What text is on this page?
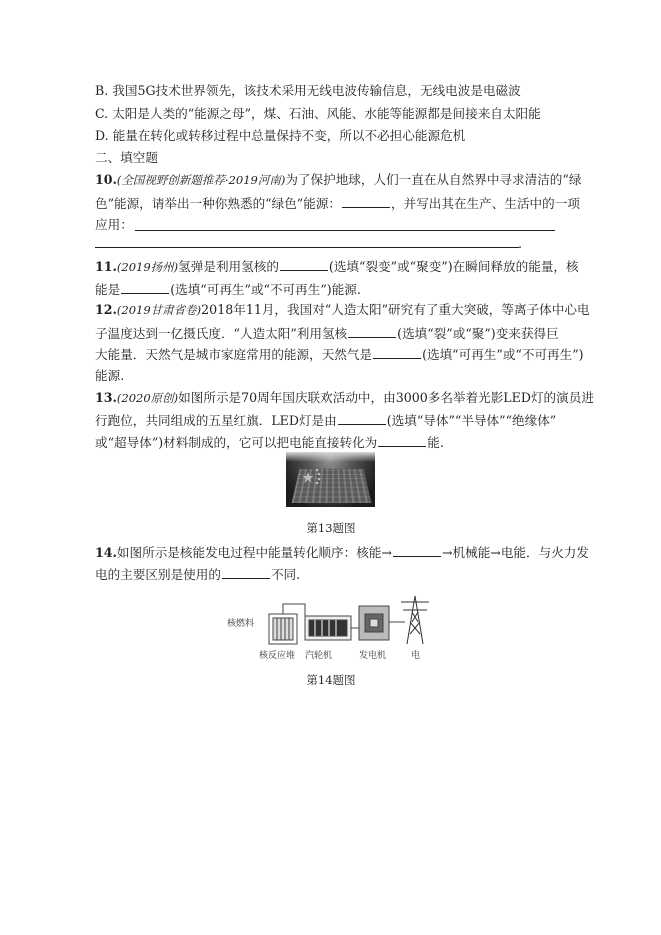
B. 我国5G技术世界领先，该技术采用无线电波传输信息，无线电波是电磁波
C. 太阳是人类的“能源之母”，煤、石油、风能、水能等能源都是间接来自太阳能
D. 能量在转化或转移过程中总量保持不变，所以不必担心能源危机
二、填空题
10.(全国视野创新题推荐·2019河南)为了保护地球，人们一直在从自然界中寻求清洁的“绿
色”能源，请举出一种你熟悉的“绿色”能源：	，并写出其在生产、生活中的一项
应用：
.
11.(2019扬州)氢弹是利用氢核的	(选填“裂变”或“聚变”)在瞬间释放的能量，核
能是	(选填“可再生”或“不可再生”)能源.
12.(2019甘肃省卷)2018年11月，我国对“人造太阳”研究有了重大突破，等离子体中心电
子温度达到一亿摄氏度．“人造太阳”利用氢核	(选填“裂”或“聚”)变来获得巨
大能量．天然气是城市家庭常用的能源，天然气是	(选填“可再生”或“不可再生”)
能源.
13.(2020原创)如图所示是70周年国庆联欢活动中，由3000多名举着光影LED灯的演员进
行跑位，共同组成的五星红旗．LED灯是由	(选填“导体”“半导体”“绝缘体”
或“超导体”)材料制成的，它可以把电能直接转化为	能.
第13题图
14.如图所示是核能发电过程中能量转化顺序：核能→	→机械能→电能．与火力发
电的主要区别是使用的	不同.
核燃料
核反应堆 汽轮机	发电机	电
第14题图
